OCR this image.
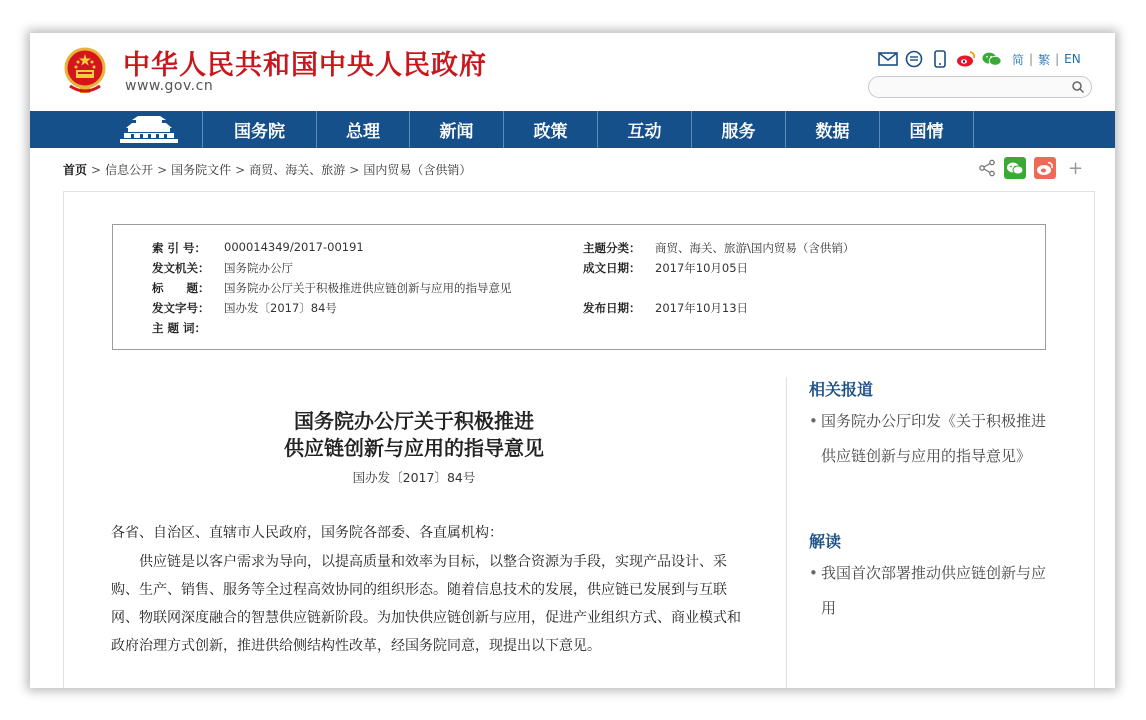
中华人民共和国中央人民政府
www.gov.cn
简 | 繁 | EN
国务院	总理	新闻	政策	互动	服务	数据	国情
首页 > 信息公开 > 国务院文件 > 商贸、海关、旅游 > 国内贸易（含供销）	+
索 引 号：	000014349/2017-00191	主题分类：	商贸、海关、旅游\国内贸易（含供销）
发文机关：	国务院办公厅	成文日期：	2017年10月05日
标　　题：	国务院办公厅关于积极推进供应链创新与应用的指导意见
发文字号：	国办发〔2017〕84号	发布日期：	2017年10月13日
主 题 词：
国务院办公厅关于积极推进
供应链创新与应用的指导意见
国办发〔2017〕84号
各省、自治区、直辖市人民政府，国务院各部委、各直属机构：
供应链是以客户需求为导向，以提高质量和效率为目标，以整合资源为手段，实现产品设计、采购、生产、销售、服务等全过程高效协同的组织形态。随着信息技术的发展，供应链已发展到与互联网、物联网深度融合的智慧供应链新阶段。为加快供应链创新与应用，促进产业组织方式、商业模式和政府治理方式创新，推进供给侧结构性改革，经国务院同意，现提出以下意见。
相关报道
• 国务院办公厅印发《关于积极推进供应链创新与应用的指导意见》
解读
• 我国首次部署推动供应链创新与应用
